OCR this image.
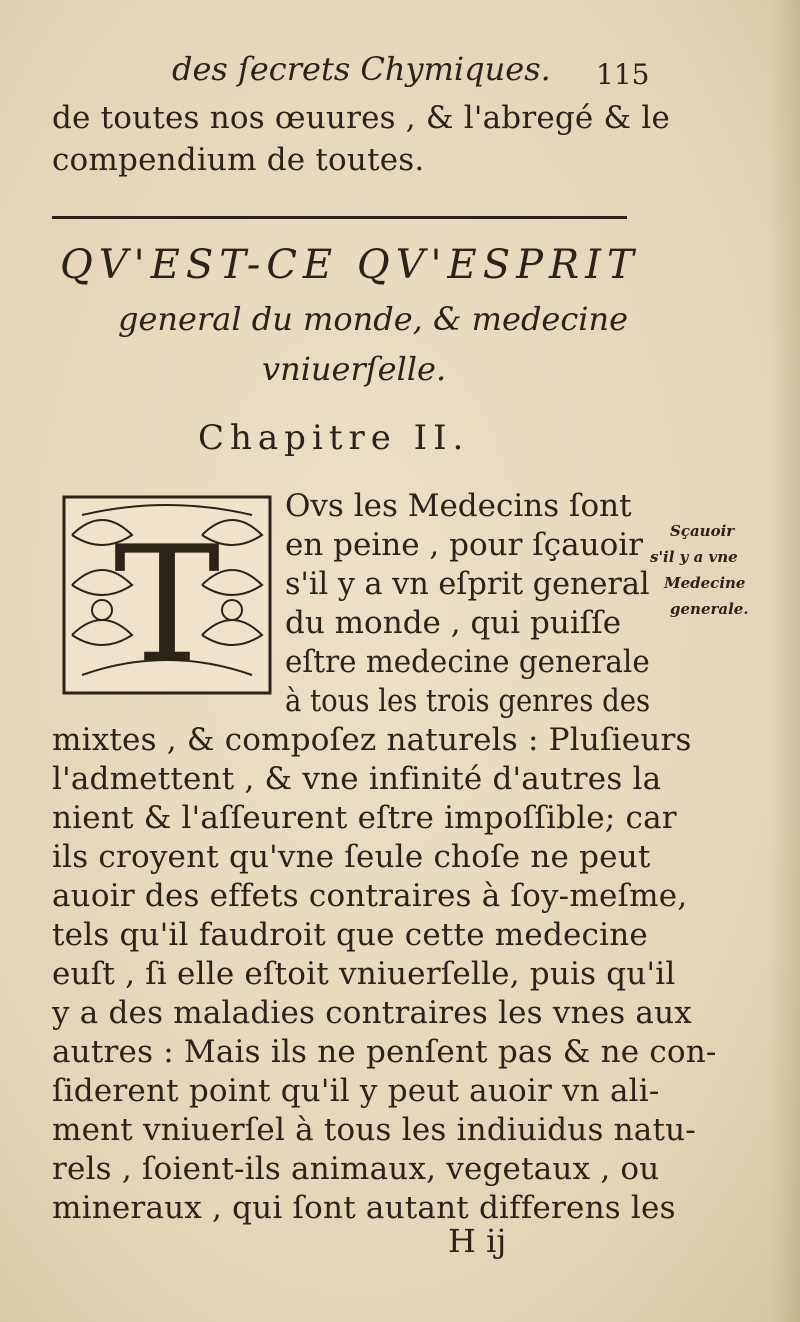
des ſecrets Chymiques. 115
de toutes nos œuures , & l'abregé & le
compendium de toutes.
QV'EST-CE QV'ESPRIT
general du monde, & medecine
vniuerſelle.
Chapitre II.
T
Ovs les Medecins ſont
en peine , pour ſçauoir
s'il y a vn eſprit general
du monde , qui puiſſe
eſtre medecine generale
à tous les trois genres des
Sçauoir
s'il y a vne
Medecine
generale.
mixtes , & compoſez naturels : Pluſieurs
l'admettent , & vne infinité d'autres la
nient & l'aſſeurent eſtre impoſſible; car
ils croyent qu'vne ſeule choſe ne peut
auoir des effets contraires à ſoy-meſme,
tels qu'il faudroit que cette medecine
euſt , ſi elle eſtoit vniuerſelle, puis qu'il
y a des maladies contraires les vnes aux
autres : Mais ils ne penſent pas & ne con-
ſiderent point qu'il y peut auoir vn ali-
ment vniuerſel à tous les indiuidus natu-
rels , ſoient-ils animaux, vegetaux , ou
mineraux , qui ſont autant differens les
H ij
